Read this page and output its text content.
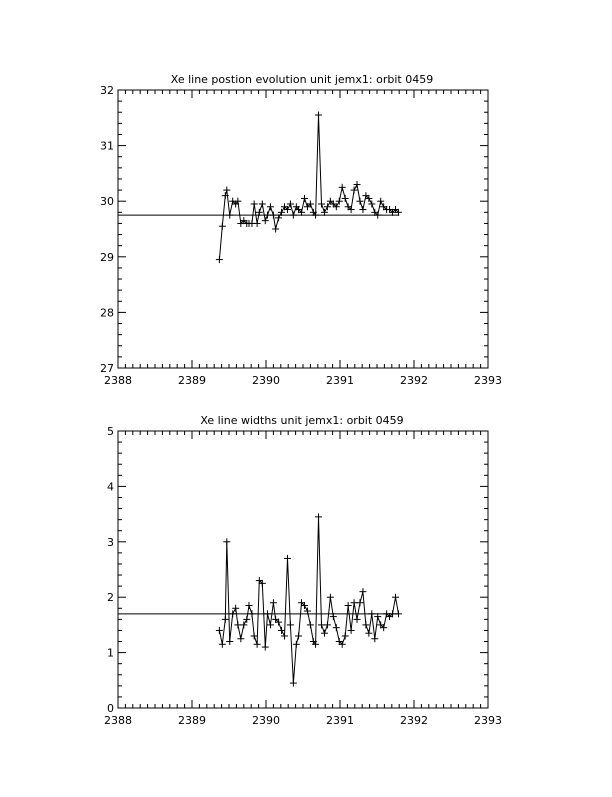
Xe line postion evolution unit jemx1: orbit 0459
2388	2389	2390	2391	2392	2393
27
28
29
30
31
32
Xe line widths unit jemx1: orbit 0459
2388	2389	2390	2391	2392	2393
0
1
2
3
4
5
